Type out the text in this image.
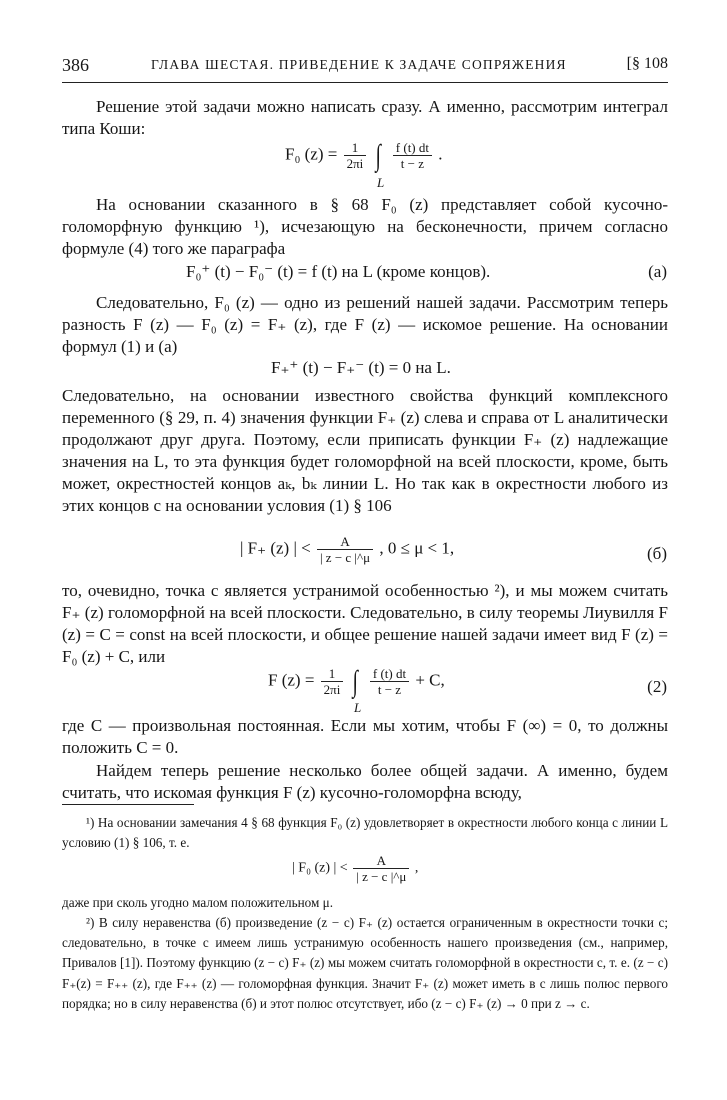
386	ГЛАВА ШЕСТАЯ. ПРИВЕДЕНИЕ К ЗАДАЧЕ СОПРЯЖЕНИЯ	[§ 108
Решение этой задачи можно написать сразу. А именно, рассмотрим интеграл типа Коши:
F₀ $(z) = \frac{1}{2\pi i}$ ∫ $\frac{f (t) dt}{t - z}$ .
L
На основании сказанного в § 68 F₀ (z) представляет собой кусочно-голоморфную функцию ¹), исчезающую на бесконечности, причем согласно формуле (4) того же параграфа
F₀⁺ (t) − F₀⁻ (t) = f (t) на L (кроме концов).	(а)
Следовательно, F₀ (z) — одно из решений нашей задачи. Рассмотрим теперь разность F (z) — F₀ (z) = F₊ (z), где F (z) — искомое решение. На основании формул (1) и (а)
F₊⁺ (t) − F₊⁻ (t) = 0 на L.
Следовательно, на основании известного свойства функций комплексного переменного (§ 29, п. 4) значения функции F₊ (z) слева и справа от L аналитически продолжают друг друга. Поэтому, если приписать функции F₊ (z) надлежащие значения на L, то эта функция будет голоморфной на всей плоскости, кроме, быть может, окрестностей концов aₖ, bₖ линии L. Но так как в окрестности любого из этих концов c на основании условия (1) § 106
| F₊ (z) | < $\frac{A}{| z - c |\^{}\mu}$ , 0 ≤ μ < 1,	(б)
то, очевидно, точка c является устранимой особенностью ²), и мы можем считать F₊ (z) голоморфной на всей плоскости. Следовательно, в силу теоремы Лиувилля F (z) = C = const на всей плоскости, и общее решение нашей задачи имеет вид F (z) = F₀ (z) + C, или
F $(z) = \frac{1}{2\pi i}$ ∫ $\frac{f (t) dt}{t - z} + C$,
L
(2)
где C — произвольная постоянная. Если мы хотим, чтобы F (∞) = 0, то должны положить C = 0.
Найдем теперь решение несколько более общей задачи. А именно, будем считать, что искомая функция F (z) кусочно-голоморфна всюду,
¹) На основании замечания 4 § 68 функция F₀ (z) удовлетворяет в окрестности любого конца c линии L условию (1) § 106, т. е.
| F₀ (z) | < $\frac{A}{| z - c |\^{}\mu}$ ,
даже при сколь угодно малом положительном μ.
²) В силу неравенства (б) произведение (z − c) F₊ (z) остается ограниченным в окрестности точки c; следовательно, в точке c имеем лишь устранимую особенность нашего произведения (см., например, Привалов [1]). Поэтому функцию (z − c) F₊ (z) мы можем считать голоморфной в окрестности c, т. е. (z − c) F₊(z) = F₊₊ (z), где F₊₊ (z) — голоморфная функция. Значит F₊ (z) может иметь в c лишь полюс первого порядка; но в силу неравенства (б) и этот полюс отсутствует, ибо (z − c) F₊ (z) → 0 при z → c.
